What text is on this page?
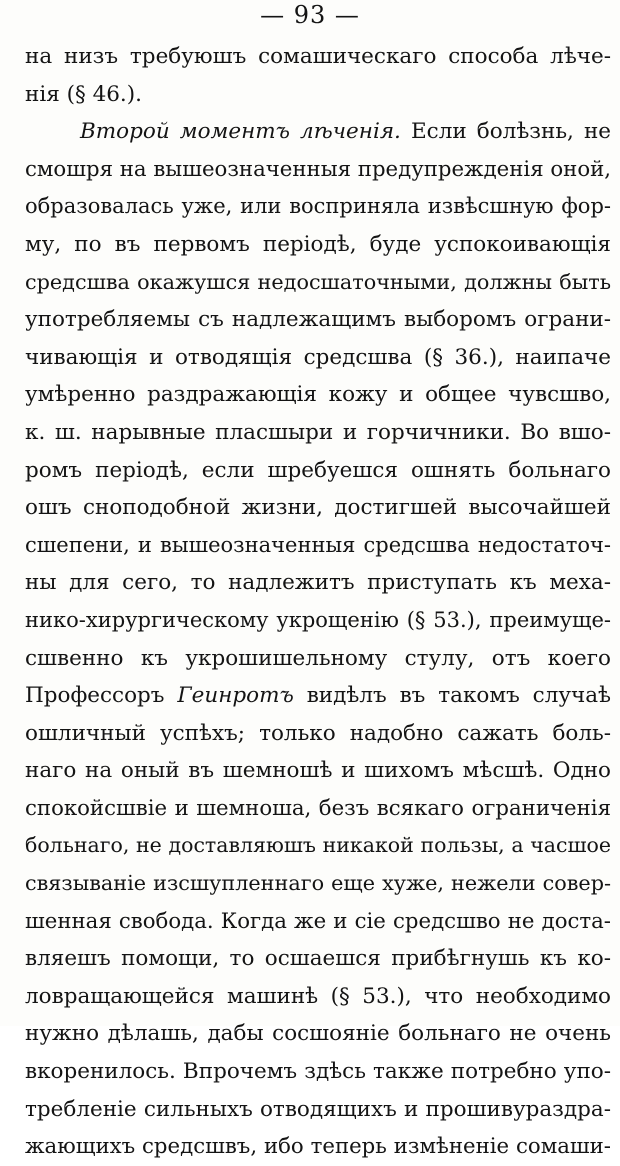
— 93 —
на низъ требуюшъ сомашическаго способа лѣче-
нія (§ 46.).
Второй моментъ лѣченія. Если болѣзнь, не
смошря на вышеозначенныя предупрежденія оной,
образовалась уже, или восприняла извѣсшную фор-
му, по въ первомъ періодѣ, буде успокоивающія
средсшва окажушся недосшаточными, должны быть
употребляемы съ надлежащимъ выборомъ ограни-
чивающія и отводящія средсшва (§ 36.), наипаче
умѣренно раздражающія кожу и общее чувсшво,
к. ш. нарывные пласшыри и горчичники. Во вшо-
ромъ періодѣ, если шребуешся ошнять больнаго
ошъ сноподобной жизни, достигшей высочайшей
сшепени, и вышеозначенныя средсшва недостаточ-
ны для сего, то надлежитъ приступать къ меха-
нико-хирургическому укрощенію (§ 53.), преимуще-
сшвенно къ укрошишельному стулу, отъ коего
Профессоръ Геинротъ видѣлъ въ такомъ случаѣ
ошличный успѣхъ; только надобно сажать боль-
наго на оный въ шемношѣ и шихомъ мѣсшѣ. Одно
спокойсшвіе и шемноша, безъ всякаго ограниченія
больнаго, не доставляюшъ никакой пользы, а часшое
связываніе изсшупленнаго еще хуже, нежели совер-
шенная свобода. Когда же и сіе средсшво не доста-
вляешъ помощи, то осшаешся прибѣгнушь къ ко-
ловращающейся машинѣ (§ 53.), что необходимо
нужно дѣлашь, дабы сосшояніе больнаго не очень
вкоренилось. Впрочемъ здѣсь также потребно упо-
требленіе сильныхъ отводящихъ и прошивураздра-
жающихъ средсшвъ, ибо теперь измѣненіе сомаши-
